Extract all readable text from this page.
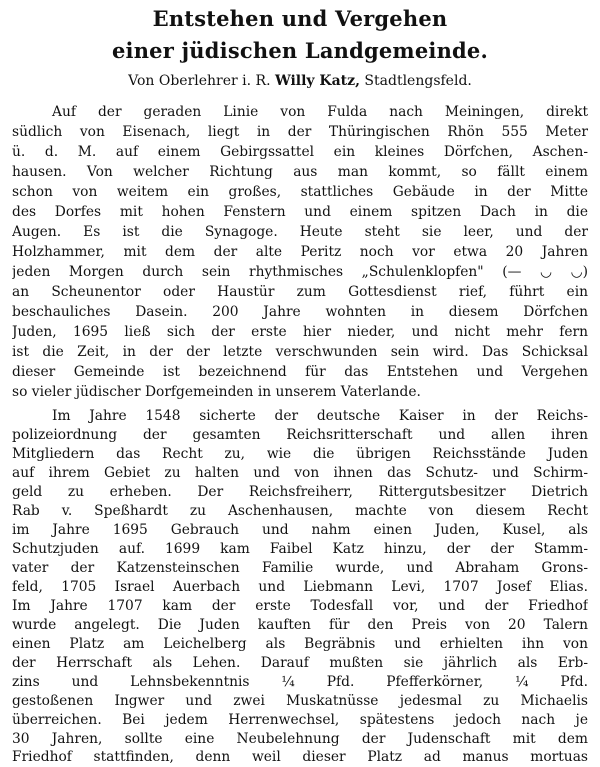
Entstehen und Vergehen
einer jüdischen Landgemeinde.
Von Oberlehrer i. R. Willy Katz, Stadtlengsfeld.
Auf der geraden Linie von Fulda nach Meiningen, direkt
südlich von Eisenach, liegt in der Thüringischen Rhön 555 Meter
ü. d. M. auf einem Gebirgssattel ein kleines Dörfchen, Aschen-
hausen. Von welcher Richtung aus man kommt, so fällt einem
schon von weitem ein großes, stattliches Gebäude in der Mitte
des Dorfes mit hohen Fenstern und einem spitzen Dach in die
Augen. Es ist die Synagoge. Heute steht sie leer, und der
Holzhammer, mit dem der alte Peritz noch vor etwa 20 Jahren
jeden Morgen durch sein rhythmisches „Schulenklopfen" (— ◡ ◡)
an Scheunentor oder Haustür zum Gottesdienst rief, führt ein
beschauliches Dasein. 200 Jahre wohnten in diesem Dörfchen
Juden, 1695 ließ sich der erste hier nieder, und nicht mehr fern
ist die Zeit, in der der letzte verschwunden sein wird. Das Schicksal
dieser Gemeinde ist bezeichnend für das Entstehen und Vergehen
so vieler jüdischer Dorfgemeinden in unserem Vaterlande.
Im Jahre 1548 sicherte der deutsche Kaiser in der Reichs-
polizeiordnung der gesamten Reichsritterschaft und allen ihren
Mitgliedern das Recht zu, wie die übrigen Reichsstände Juden
auf ihrem Gebiet zu halten und von ihnen das Schutz- und Schirm-
geld zu erheben. Der Reichsfreiherr, Rittergutsbesitzer Dietrich
Rab v. Speßhardt zu Aschenhausen, machte von diesem Recht
im Jahre 1695 Gebrauch und nahm einen Juden, Kusel, als
Schutzjuden auf. 1699 kam Faibel Katz hinzu, der der Stamm-
vater der Katzensteinschen Familie wurde, und Abraham Grons-
feld, 1705 Israel Auerbach und Liebmann Levi, 1707 Josef Elias.
Im Jahre 1707 kam der erste Todesfall vor, und der Friedhof
wurde angelegt. Die Juden kauften für den Preis von 20 Talern
einen Platz am Leichelberg als Begräbnis und erhielten ihn von
der Herrschaft als Lehen. Darauf mußten sie jährlich als Erb-
zins und Lehnsbekenntnis ¼ Pfd. Pfefferkörner, ¼ Pfd.
gestoßenen Ingwer und zwei Muskatnüsse jedesmal zu Michaelis
überreichen. Bei jedem Herrenwechsel, spätestens jedoch nach je
30 Jahren, sollte eine Neubelehnung der Judenschaft mit dem
Friedhof stattfinden, denn weil dieser Platz ad manus mortuas
